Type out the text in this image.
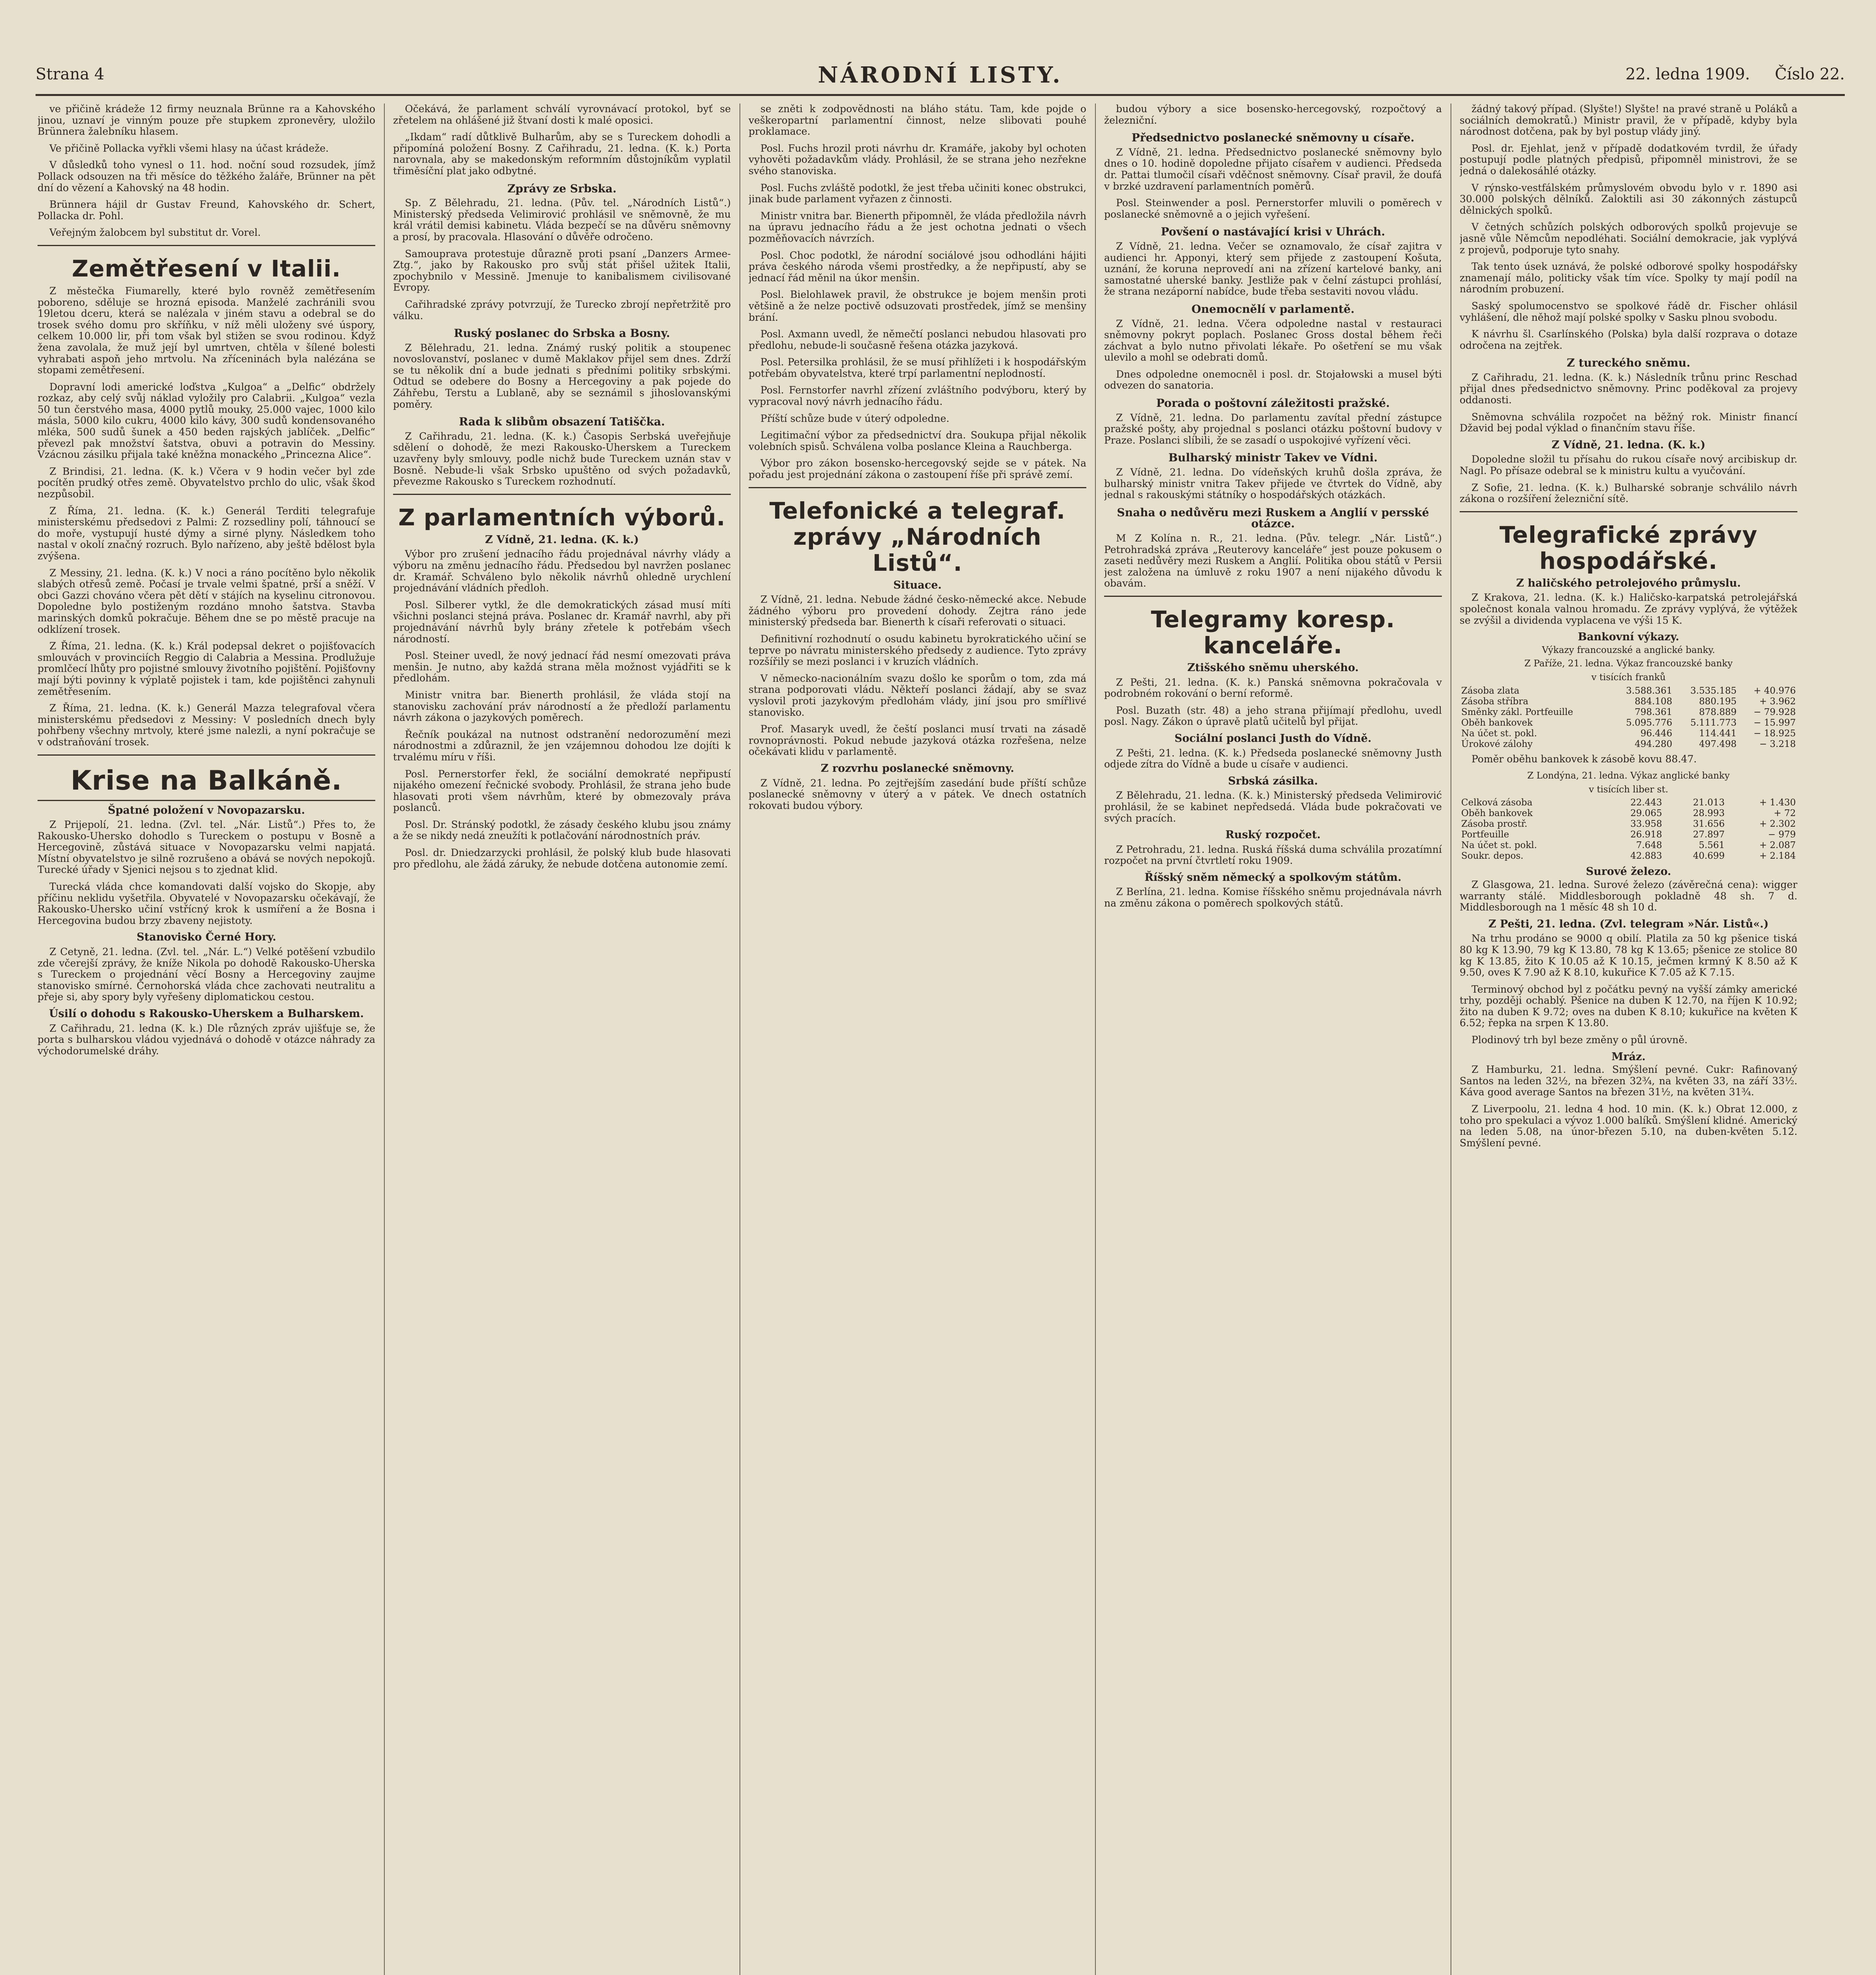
Strana 4	NÁRODNÍ LISTY.	22. ledna 1909. Číslo 22.

ve přičině krádeže 12 firmy neuznala Brünne ra a Kahovského jinou, uznaví je vinným pouze pře stupkem zpronevěry, uložilo Brünnera žalebníku hlasem.

Ve přičině Pollacka vyřkli všemi hlasy na účast krádeže.

V důsledků toho vynesl o 11. hod. noční soud rozsudek, jímž Pollack odsouzen na tři měsíce do těžkého žaláře, Brünner na pět dní do vězení a Kahovský na 48 hodin.

Brünnera hájil dr Gustav Freund, Kahovského dr. Schert, Pollacka dr. Pohl.

Veřejným žalobcem byl substitut dr. Vorel.

Zemětřesení v Italii.

Z městečka Fiumarelly, které bylo rovněž zemětřesením poboreno, sděluje se hrozná episoda. Manželé zachránili svou 19letou dceru, která se nalézala v jiném stavu a odebral se do trosek svého domu pro skříňku, v níž měli uloženy své úspory, celkem 10.000 lir, při tom však byl stižen se svou rodinou. Když žena zavolala, že muž její byl umrtven, chtěla v šílené bolesti vyhrabati aspoň jeho mrtvolu. Na zříceninách byla nalézána se stopami zemětřesení.

Dopravní lodi americké loďstva „Kulgoa“ a „Delfic“ obdržely rozkaz, aby celý svůj náklad vyložily pro Calabrii. „Kulgoa“ vezla 50 tun čerstvého masa, 4000 pytlů mouky, 25.000 vajec, 1000 kilo másla, 5000 kilo cukru, 4000 kilo kávy, 300 sudů kondensovaného mléka, 500 sudů šunek a 450 beden rajských jablíček. „Delfic“ převezl pak množství šatstva, obuvi a potravin do Messiny. Vzácnou zásilku přijala také kněžna monackého „Princezna Alice“.

Z Brindisi, 21. ledna. (K. k.) Včera v 9 hodin večer byl zde pocítěn prudký otřes země. Obyvatelstvo prchlo do ulic, však škod nezpůsobil.

Z Říma, 21. ledna. (K. k.) Generál Terditi telegrafuje ministerskému předsedovi z Palmi: Z rozsedliny polí, táhnoucí se do moře, vystupují husté dýmy a sirné plyny. Následkem toho nastal v okolí značný rozruch. Bylo nařízeno, aby ještě bdělost byla zvýšena.

Z Messiny, 21. ledna. (K. k.) V noci a ráno pocítěno bylo několik slabých otřesů země. Počasí je trvale velmi špatné, prší a sněží. V obci Gazzi chováno včera pět dětí v stájích na kyselinu citronovou. Dopoledne bylo postiženým rozdáno mnoho šatstva. Stavba marinských domků pokračuje. Během dne se po městě pracuje na odklízení trosek.

Z Říma, 21. ledna. (K. k.) Král podepsal dekret o pojišťovacích smlouvách v provinciích Reggio di Calabria a Messina. Prodlužuje promlčecí lhůty pro pojistné smlouvy životního pojištění. Pojišťovny mají býti povinny k výplatě pojistek i tam, kde pojištěnci zahynuli zemětřesením.

Z Říma, 21. ledna. (K. k.) Generál Mazza telegrafoval včera ministerskému předsedovi z Messiny: V posledních dnech byly pohřbeny všechny mrtvoly, které jsme nalezli, a nyní pokračuje se v odstraňování trosek.

Krise na Balkáně.
Špatné položení v Novopazarsku.

Z Prijepolí, 21. ledna. (Zvl. tel. „Nár. Listů“.) Přes to, že Rakousko-Uhersko dohodlo s Tureckem o postupu v Bosně a Hercegovině, zůstává situace v Novopazarsku velmi napjatá. Místní obyvatelstvo je silně rozrušeno a obává se nových nepokojů. Turecké úřady v Sjenici nejsou s to zjednat klid.

Turecká vláda chce komandovati další vojsko do Skopje, aby příčinu neklidu vyšetřila. Obyvatelé v Novopazarsku očekávají, že Rakousko-Uhersko učiní vstřícný krok k usmíření a že Bosna i Hercegovina budou brzy zbaveny nejistoty.

Stanovisko Černé Hory.

Z Cetyně, 21. ledna. (Zvl. tel. „Nár. L.“) Velké potěšení vzbudilo zde včerejší zprávy, že kníže Nikola po dohodě Rakousko-Uherska s Tureckem o projednání věcí Bosny a Hercegoviny zaujme stanovisko smírné. Černohorská vláda chce zachovati neutralitu a přeje si, aby spory byly vyřešeny diplomatickou cestou.

Úsilí o dohodu s Rakousko-Uherskem a Bulharskem.

Z Cařihradu, 21. ledna (K. k.) Dle různých zpráv ujišťuje se, že porta s bulharskou vládou vyjednává o dohodě v otázce náhrady za východorumelské dráhy.

Očekává, že parlament schválí vyrovnávací protokol, byť se zřetelem na ohlášené již štvaní dosti k malé oposici.

„Ikdam“ radí důtklivě Bulharům, aby se s Tureckem dohodli a připomíná položení Bosny. Z Cařihradu, 21. ledna. (K. k.) Porta narovnala, aby se makedonským reformním důstojníkům vyplatil třiměsíční plat jako odbytné.

Zprávy ze Srbska.

Sp. Z Bělehradu, 21. ledna. (Pův. tel. „Národních Listů“.) Ministerský předseda Velimirović prohlásil ve sněmovně, že mu král vrátil demisi kabinetu. Vláda bezpečí se na důvěru sněmovny a prosí, by pracovala. Hlasování o důvěře odročeno.

Samouprava protestuje důrazně proti psaní „Danzers Armee-Ztg.“, jako by Rakousko pro svůj stát přišel užitek Italii, zpochybnilo v Messině. Jmenuje to kanibalismem civilisované Evropy.

Cařihradské zprávy potvrzují, že Turecko zbrojí nepřetržitě pro válku.

Ruský poslanec do Srbska a Bosny.

Z Bělehradu, 21. ledna. Známý ruský politik a stoupenec novoslovanství, poslanec v dumě Maklakov přijel sem dnes. Zdrží se tu několik dní a bude jednati s předními politiky srbskými. Odtud se odebere do Bosny a Hercegoviny a pak pojede do Záhřebu, Terstu a Lublaně, aby se seznámil s jihoslovanskými poměry.

Rada k slibům obsazení Tatiščka.

Z Cařihradu, 21. ledna. (K. k.) Časopis Serbská uveřejňuje sdělení o dohodě, že mezi Rakousko-Uherskem a Tureckem uzavřeny byly smlouvy, podle nichž bude Tureckem uznán stav v Bosně. Nebude-li však Srbsko upuštěno od svých požadavků, převezme Rakousko s Tureckem rozhodnutí.

Z parlamentních výborů.
Z Vídně, 21. ledna. (K. k.)

Výbor pro zrušení jednacího řádu projednával návrhy vlády a výboru na změnu jednacího řádu. Předsedou byl navržen poslanec dr. Kramář. Schváleno bylo několik návrhů ohledně urychlení projednávání vládních předloh.

Posl. Silberer vytkl, že dle demokratických zásad musí míti všichni poslanci stejná práva. Poslanec dr. Kramář navrhl, aby při projednávání návrhů byly brány zřetele k potřebám všech národností.

Posl. Steiner uvedl, že nový jednací řád nesmí omezovati práva menšin. Je nutno, aby každá strana měla možnost vyjádřiti se k předlohám.

Ministr vnitra bar. Bienerth prohlásil, že vláda stojí na stanovisku zachování práv národností a že předloží parlamentu návrh zákona o jazykových poměrech.

Řečník poukázal na nutnost odstranění nedorozumění mezi národnostmi a zdůraznil, že jen vzájemnou dohodou lze dojíti k trvalému míru v říši.

Posl. Pernerstorfer řekl, že sociální demokraté nepřipustí nijakého omezení řečnické svobody. Prohlásil, že strana jeho bude hlasovati proti všem návrhům, které by obmezovaly práva poslanců.

Posl. Dr. Stránský podotkl, že zásady českého klubu jsou známy a že se nikdy nedá zneužíti k potlačování národnostních práv.

Posl. dr. Dniedzarzycki prohlásil, že polský klub bude hlasovati pro předlohu, ale žádá záruky, že nebude dotčena autonomie zemí.

se zněti k zodpovědnosti na bláho státu. Tam, kde pojde o veškeropartní parlamentní činnost, nelze slibovati pouhé proklamace.

Posl. Fuchs hrozil proti návrhu dr. Kramáře, jakoby byl ochoten vyhověti požadavkům vlády. Prohlásil, že se strana jeho nezřekne svého stanoviska.

Posl. Fuchs zvláště podotkl, že jest třeba učiniti konec obstrukci, jinak bude parlament vyřazen z činnosti.

Ministr vnitra bar. Bienerth připomněl, že vláda předložila návrh na úpravu jednacího řádu a že jest ochotna jednati o všech pozměňovacích návrzích.

Posl. Choc podotkl, že národní sociálové jsou odhodláni hájiti práva českého národa všemi prostředky, a že nepřipustí, aby se jednací řád měnil na úkor menšin.

Posl. Bielohlawek pravil, že obstrukce je bojem menšin proti většině a že nelze poctivě odsuzovati prostředek, jímž se menšiny brání.

Posl. Axmann uvedl, že němečtí poslanci nebudou hlasovati pro předlohu, nebude-li současně řešena otázka jazyková.

Posl. Petersilka prohlásil, že se musí přihlížeti i k hospodářským potřebám obyvatelstva, které trpí parlamentní neplodností.

Posl. Fernstorfer navrhl zřízení zvláštního podvýboru, který by vypracoval nový návrh jednacího řádu.

Příští schůze bude v úterý odpoledne.

Legitimační výbor za předsednictví dra. Soukupa přijal několik volebních spisů. Schválena volba poslance Kleina a Rauchberga.

Výbor pro zákon bosensko-hercegovský sejde se v pátek. Na pořadu jest projednání zákona o zastoupení říše při správě zemí.

Telefonické a telegraf. zprávy „Národních Listů“.
Situace.

Z Vídně, 21. ledna. Nebude žádné česko-německé akce. Nebude žádného výboru pro provedení dohody. Zejtra ráno jede ministerský předseda bar. Bienerth k císaři referovati o situaci.

Definitivní rozhodnutí o osudu kabinetu byrokratického učiní se teprve po návratu ministerského předsedy z audience. Tyto zprávy rozšířily se mezi poslanci i v kruzích vládních.

V německo-nacionálním svazu došlo ke sporům o tom, zda má strana podporovati vládu. Někteří poslanci žádají, aby se svaz vyslovil proti jazykovým předlohám vlády, jiní jsou pro smířlivé stanovisko.

Prof. Masaryk uvedl, že čeští poslanci musí trvati na zásadě rovnoprávnosti. Pokud nebude jazyková otázka rozřešena, nelze očekávati klidu v parlamentě.

Z rozvrhu poslanecké sněmovny.

Z Vídně, 21. ledna. Po zejtřejším zasedání bude příští schůze poslanecké sněmovny v úterý a v pátek. Ve dnech ostatních rokovati budou výbory.

budou výbory a sice bosensko-hercegovský, rozpočtový a železniční.

Předsednictvo poslanecké sněmovny u císaře.

Z Vídně, 21. ledna. Předsednictvo poslanecké sněmovny bylo dnes o 10. hodině dopoledne přijato císařem v audienci. Předseda dr. Pattai tlumočil císaři vděčnost sněmovny. Císař pravil, že doufá v brzké uzdravení parlamentních poměrů.

Posl. Steinwender a posl. Pernerstorfer mluvili o poměrech v poslanecké sněmovně a o jejich vyřešení.

Povšení o nastávající krisi v Uhrách.

Z Vídně, 21. ledna. Večer se oznamovalo, že císař zajitra v audienci hr. Apponyi, který sem přijede z zastoupení Košuta, uznání, že koruna neprovedí ani na zřízení kartelové banky, ani samostatné uherské banky. Jestliže pak v čelní zástupci prohlásí, že strana nezáporní nabídce, bude třeba sestaviti novou vládu.

Onemocnělí v parlamentě.

Z Vídně, 21. ledna. Včera odpoledne nastal v restauraci sněmovny pokryt poplach. Poslanec Gross dostal během řeči záchvat a bylo nutno přivolati lékaře. Po ošetření se mu však ulevilo a mohl se odebrati domů.

Dnes odpoledne onemocněl i posl. dr. Stojałowski a musel býti odvezen do sanatoria.

Porada o poštovní záležitosti pražské.

Z Vídně, 21. ledna. Do parlamentu zavítal přední zástupce pražské pošty, aby projednal s poslanci otázku poštovní budovy v Praze. Poslanci slíbili, že se zasadí o uspokojivé vyřízení věci.

Bulharský ministr Takev ve Vídni.

Z Vídně, 21. ledna. Do vídeňských kruhů došla zpráva, že bulharský ministr vnitra Takev přijede ve čtvrtek do Vídně, aby jednal s rakouskými státníky o hospodářských otázkách.

Snaha o nedůvěru mezi Ruskem a Anglií v persské otázce.

M Z Kolína n. R., 21. ledna. (Pův. telegr. „Nár. Listů“.) Petrohradská zpráva „Reuterovy kanceláře“ jest pouze pokusem o zaseti nedůvěry mezi Ruskem a Anglií. Politika obou států v Persii jest založena na úmluvě z roku 1907 a není nijakého důvodu k obavám.

Telegramy koresp. kanceláře.
Ztišského sněmu uherského.

Z Pešti, 21. ledna. (K. k.) Panská sněmovna pokračovala v podrobném rokování o berní reformě.

Posl. Buzath (str. 48) a jeho strana přijímají předlohu, uvedl posl. Nagy. Zákon o úpravě platů učitelů byl přijat.

Sociální poslanci Justh do Vídně.

Z Pešti, 21. ledna. (K. k.) Předseda poslanecké sněmovny Justh odjede zítra do Vídně a bude u císaře v audienci.

Srbská zásilka.

Z Bělehradu, 21. ledna. (K. k.) Ministerský předseda Velimirović prohlásil, že se kabinet nepředsedá. Vláda bude pokračovati ve svých pracích.

Ruský rozpočet.

Z Petrohradu, 21. ledna. Ruská říšská duma schválila prozatímní rozpočet na první čtvrtletí roku 1909.

Říšský sněm německý a spolkovým státům.

Z Berlína, 21. ledna. Komise říšského sněmu projednávala návrh na změnu zákona o poměrech spolkových států.

žádný takový případ. (Slyšte!) Slyšte! na pravé straně u Poláků a sociálních demokratů.) Ministr pravil, že v případě, kdyby byla národnost dotčena, pak by byl postup vlády jiný.

Posl. dr. Ejehlat, jenž v případě dodatkovém tvrdil, že úřady postupují podle platných předpisů, připomněl ministrovi, že se jedná o dalekosáhlé otázky.

V rýnsko-vestfálském průmyslovém obvodu bylo v r. 1890 asi 30.000 polských dělníků. Zaloktili asi 30 zákonných zástupců dělnických spolků.

V četných schůzích polských odborových spolků projevuje se jasně vůle Němcům nepodléhati. Sociální demokracie, jak vyplývá z projevů, podporuje tyto snahy.

Tak tento úsek uznává, že polské odborové spolky hospodářsky znamenají málo, politicky však tím více. Spolky ty mají podíl na národním probuzení.

Saský spolumocenstvo se spolkové řádě dr. Fischer ohlásil vyhlášení, dle něhož mají polské spolky v Sasku plnou svobodu.

K návrhu šl. Csarlínského (Polska) byla další rozprava o dotaze odročena na zejtřek.

Z tureckého sněmu.

Z Cařihradu, 21. ledna. (K. k.) Následník trůnu princ Reschad přijal dnes předsednictvo sněmovny. Princ poděkoval za projevy oddanosti.

Sněmovna schválila rozpočet na běžný rok. Ministr financí Džavid bej podal výklad o finančním stavu říše.

Z Vídně, 21. ledna. (K. k.)

Dopoledne složil tu přísahu do rukou císaře nový arcibiskup dr. Nagl. Po přísaze odebral se k ministru kultu a vyučování.

Z Sofie, 21. ledna. (K. k.) Bulharské sobranje schválilo návrh zákona o rozšíření železniční sítě.

Telegrafické zprávy hospodářské.
Z haličského petrolejového průmyslu.

Z Krakova, 21. ledna. (K. k.) Haličsko-karpatská petrolejářská společnost konala valnou hromadu. Ze zprávy vyplývá, že výtěžek se zvýšil a dividenda vyplacena ve výši 15 K.

Bankovní výkazy.
Výkazy francouzské a anglické banky.
Z Paříže, 21. ledna. Výkaz francouzské banky
v tisících franků
Zásoba zlata	3.588.361	3.535.185	+ 40.976
Zásoba stříbra	884.108	880.195	+ 3.962
Směnky zákl. Portfeuille	798.361	878.889	− 79.928
Oběh bankovek	5.095.776	5.111.773	− 15.997
Na účet st. pokl.	96.446	114.441	− 18.925
Úrokové zálohy	494.280	497.498	− 3.218

Poměr oběhu bankovek k zásobě kovu 88.47.

Z Londýna, 21. ledna. Výkaz anglické banky
v tisících liber st.
Celková zásoba	22.443	21.013	+ 1.430
Oběh bankovek	29.065	28.993	+ 72
Zásoba prostř.	33.958	31.656	+ 2.302
Portfeuille	26.918	27.897	− 979
Na účet st. pokl.	7.648	5.561	+ 2.087
Soukr. depos.	42.883	40.699	+ 2.184
Surové železo.

Z Glasgowa, 21. ledna. Surové železo (závěrečná cena): wigger warranty stálé. Middlesborough pokladně 48 sh. 7 d. Middlesborough na 1 měsíc 48 sh 10 d.

Z Pešti, 21. ledna. (Zvl. telegram »Nár. Listů«.)

Na trhu prodáno se 9000 q obilí. Platila za 50 kg pšenice tiská 80 kg K 13.90, 79 kg K 13.80, 78 kg K 13.65; pšenice ze stolice 80 kg K 13.85, žito K 10.05 až K 10.15, ječmen krmný K 8.50 až K 9.50, oves K 7.90 až K 8.10, kukuřice K 7.05 až K 7.15.

Terminový obchod byl z počátku pevný na vyšší zámky americké trhy, později ochablý. Pšenice na duben K 12.70, na říjen K 10.92; žito na duben K 9.72; oves na duben K 8.10; kukuřice na květen K 6.52; řepka na srpen K 13.80.

Plodinový trh byl beze změny o půl úrovně.

Mráz.

Z Hamburku, 21. ledna. Smýšlení pevné. Cukr: Rafinovaný Santos na leden 32½, na březen 32¾, na květen 33, na září 33½. Káva good average Santos na březen 31½, na květen 31¾.

Z Liverpoolu, 21. ledna 4 hod. 10 min. (K. k.) Obrat 12.000, z toho pro spekulaci a vývoz 1.000 balíků. Smýšlení klidné. Americký na leden 5.08, na únor-březen 5.10, na duben-květen 5.12. Smýšlení pevné.
